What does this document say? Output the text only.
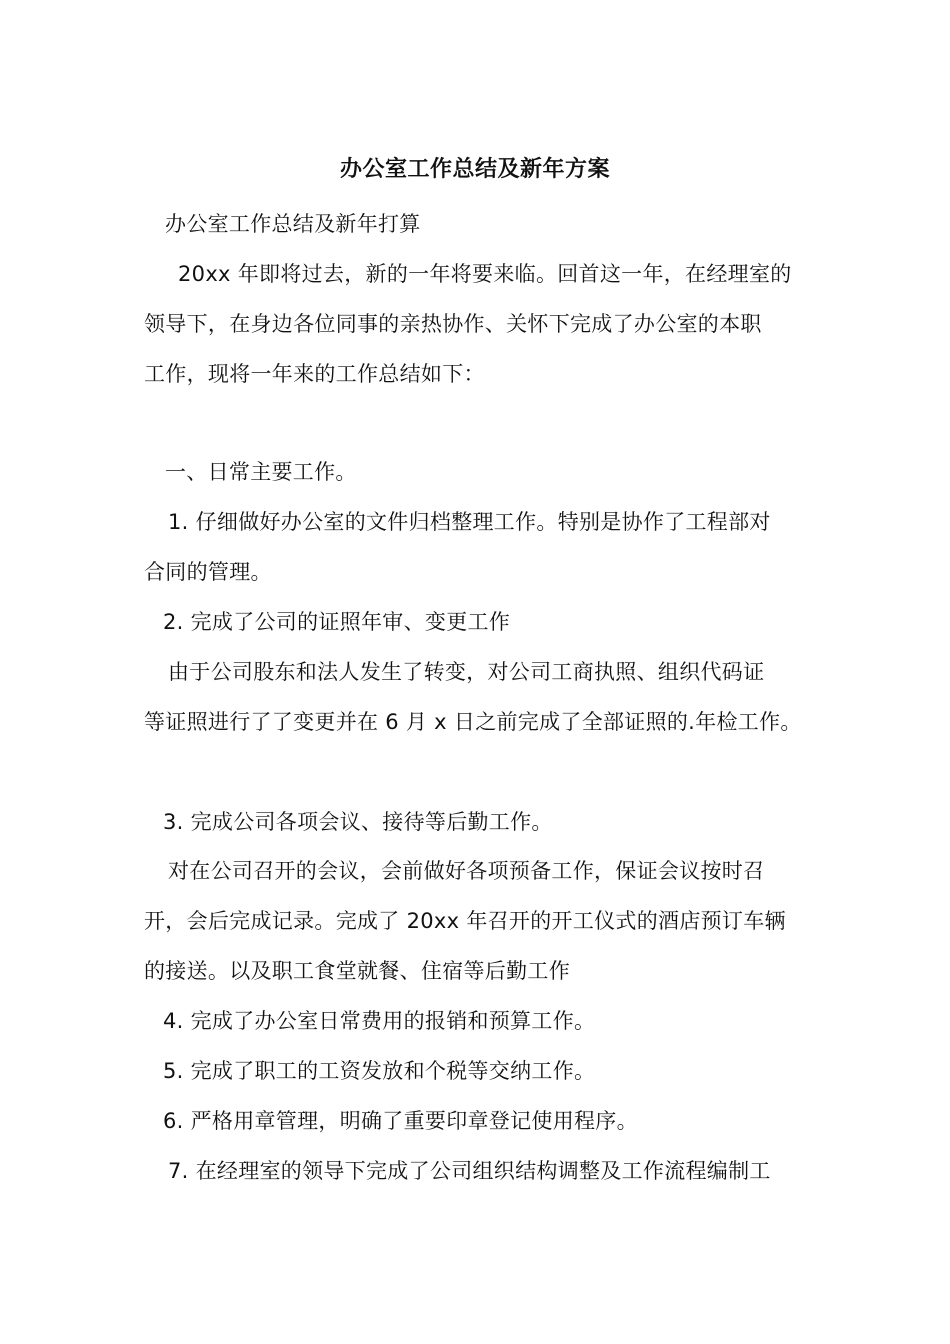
办公室工作总结及新年方案
办公室工作总结及新年打算
20xx 年即将过去，新的一年将要来临。回首这一年，在经理室的
领导下，在身边各位同事的亲热协作、关怀下完成了办公室的本职
工作，现将一年来的工作总结如下：
一、日常主要工作。
1. 仔细做好办公室的文件归档整理工作。特别是协作了工程部对
合同的管理。
2. 完成了公司的证照年审、变更工作
由于公司股东和法人发生了转变，对公司工商执照、组织代码证
等证照进行了了变更并在 6 月 x 日之前完成了全部证照的.年检工作。
3. 完成公司各项会议、接待等后勤工作。
对在公司召开的会议，会前做好各项预备工作，保证会议按时召
开，会后完成记录。完成了 20xx 年召开的开工仪式的酒店预订车辆
的接送。以及职工食堂就餐、住宿等后勤工作
4. 完成了办公室日常费用的报销和预算工作。
5. 完成了职工的工资发放和个税等交纳工作。
6. 严格用章管理，明确了重要印章登记使用程序。
7. 在经理室的领导下完成了公司组织结构调整及工作流程编制工
